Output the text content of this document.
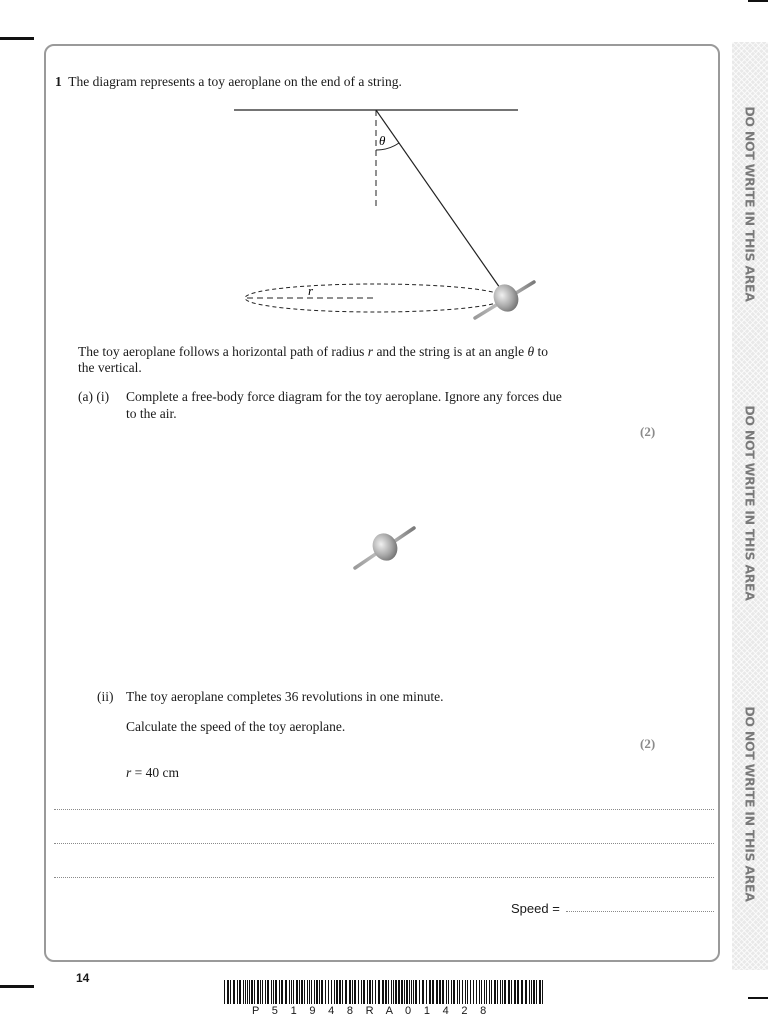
DO NOT WRITE IN THIS AREA
DO NOT WRITE IN THIS AREA
DO NOT WRITE IN THIS AREA
1 The diagram represents a toy aeroplane on the end of a string.
θ
r
The toy aeroplane follows a horizontal path of radius r and the string is at an angle θ to
the vertical.
(a) (i) Complete a free-body force diagram for the toy aeroplane. Ignore any forces due
to the air.
(2)
(ii) The toy aeroplane completes 36 revolutions in one minute.
Calculate the speed of the toy aeroplane.
(2)
r = 40 cm
Speed =
14
P 5 1 9 4 8 R A 0 1 4 2 8
